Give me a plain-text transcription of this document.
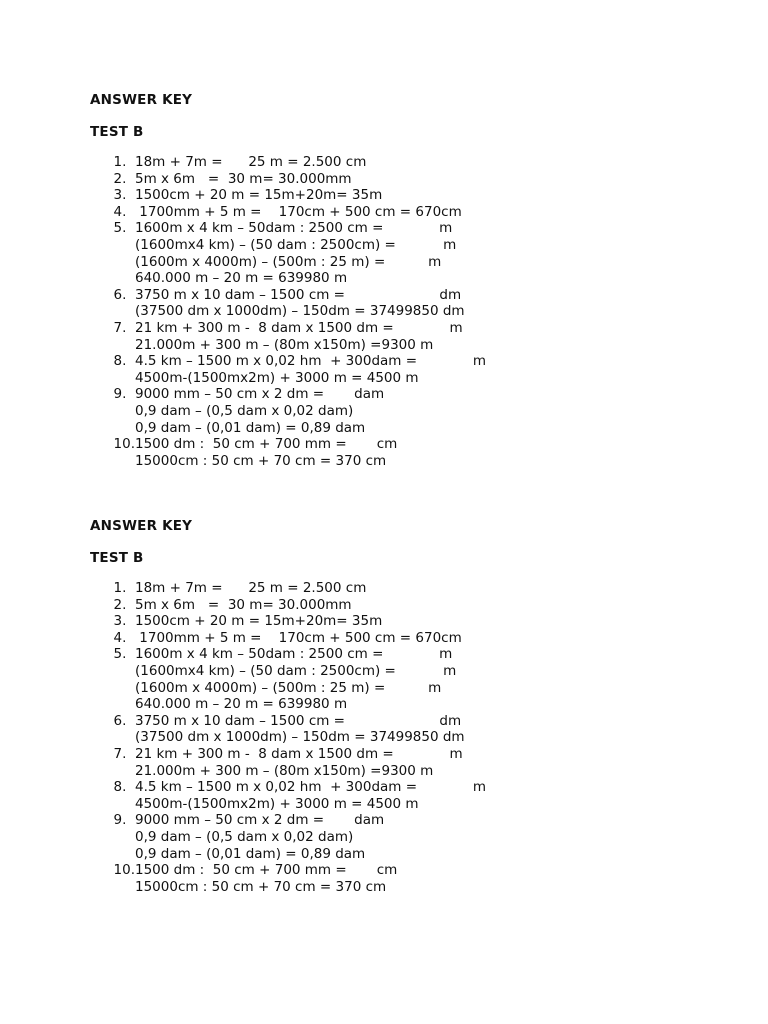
ANSWER KEY
TEST B
1. 18m + 7m =      25 m = 2.500 cm
2. 5m x 6m   =  30 m= 30.000mm
3. 1500cm + 20 m = 15m+20m= 35m
4. 1700mm + 5 m =    170cm + 500 cm = 670cm
5. 1600m x 4 km – 50dam : 2500 cm =             m
(1600mx4 km) – (50 dam : 2500cm) =           m
(1600m x 4000m) – (500m : 25 m) =          m
640.000 m – 20 m = 639980 m
6. 3750 m x 10 dam – 1500 cm =                      dm
(37500 dm x 1000dm) – 150dm = 37499850 dm
7. 21 km + 300 m -  8 dam x 1500 dm =             m
21.000m + 300 m – (80m x150m) =9300 m
8. 4.5 km – 1500 m x 0,02 hm  + 300dam =             m
4500m-(1500mx2m) + 3000 m = 4500 m
9. 9000 mm – 50 cm x 2 dm =       dam
0,9 dam – (0,5 dam x 0,02 dam)
0,9 dam – (0,01 dam) = 0,89 dam
10. 1500 dm :  50 cm + 700 mm =       cm
15000cm : 50 cm + 70 cm = 370 cm
ANSWER KEY
TEST B
1. 18m + 7m =      25 m = 2.500 cm
2. 5m x 6m   =  30 m= 30.000mm
3. 1500cm + 20 m = 15m+20m= 35m
4. 1700mm + 5 m =    170cm + 500 cm = 670cm
5. 1600m x 4 km – 50dam : 2500 cm =             m
(1600mx4 km) – (50 dam : 2500cm) =           m
(1600m x 4000m) – (500m : 25 m) =          m
640.000 m – 20 m = 639980 m
6. 3750 m x 10 dam – 1500 cm =                      dm
(37500 dm x 1000dm) – 150dm = 37499850 dm
7. 21 km + 300 m -  8 dam x 1500 dm =             m
21.000m + 300 m – (80m x150m) =9300 m
8. 4.5 km – 1500 m x 0,02 hm  + 300dam =             m
4500m-(1500mx2m) + 3000 m = 4500 m
9. 9000 mm – 50 cm x 2 dm =       dam
0,9 dam – (0,5 dam x 0,02 dam)
0,9 dam – (0,01 dam) = 0,89 dam
10. 1500 dm :  50 cm + 700 mm =       cm
15000cm : 50 cm + 70 cm = 370 cm
